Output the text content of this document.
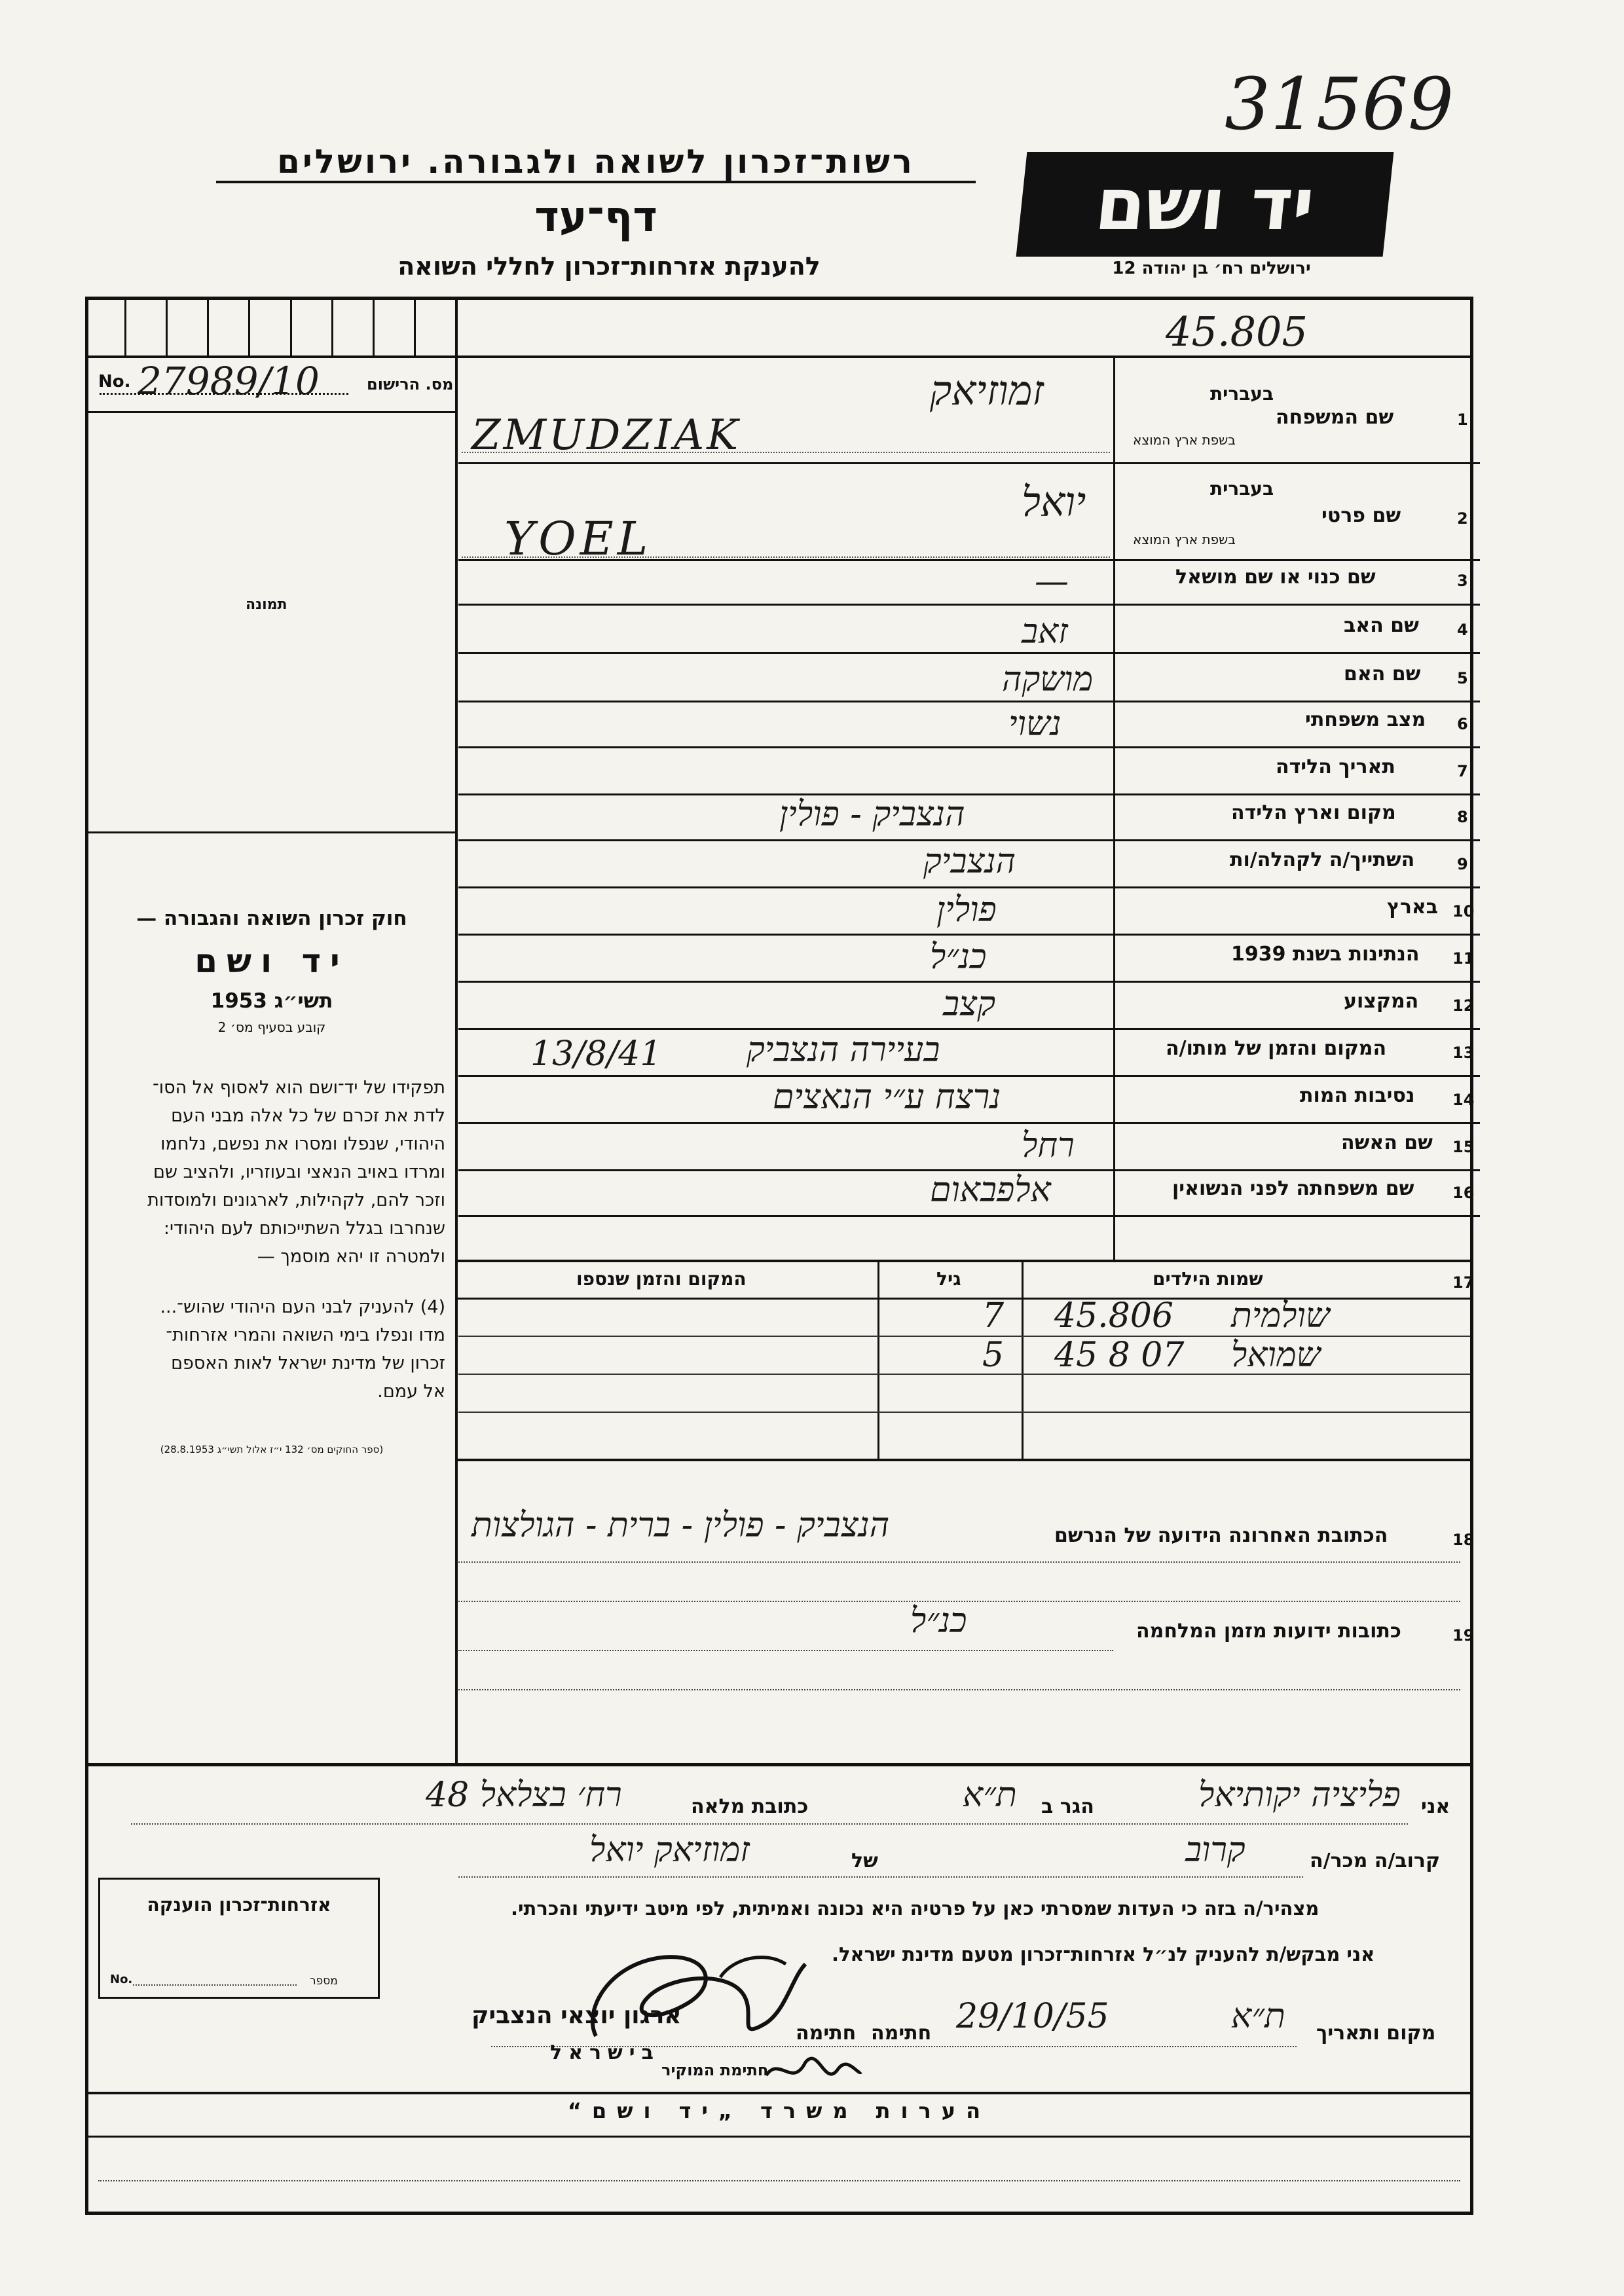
31569
רשות־זכרון לשואה ולגבורה. ירושלים
דף־עד
להענקת אזרחות־זכרון לחללי השואה
יד ושם
ירושלים רח׳ בן יהודה 12
45.805
No. 27989/10	מס. הרישום
תמונה
חוק זכרון השואה והגבורה —
יד ושם
תשי״ג 1953
קובע בסעיף מס׳ 2
תפקידו של יד־ושם הוא לאסוף אל הסו־
לדת את זכרם של כל אלה מבני העם
היהודי, שנפלו ומסרו את נפשם, נלחמו
ומרדו באויב הנאצי ובעוזריו, ולהציב שם
וזכר להם, לקהילות, לארגונים ולמוסדות
שנחרבו בגלל השתייכותם לעם היהודי:
ולמטרה זו יהא מוסמך —
(4) להעניק לבני העם היהודי שהוש־...
מדו ונפלו בימי השואה והמרי אזרחות־
זכרון של מדינת ישראל לאות האספם
אל עמם.
(ספר החוקים מס׳ 132 י״ז אלול תשי״ג 28.8.1953)
1
שם המשפחה
בעברית
בשפת ארץ המוצא
זמוזיאק
ZMUDZIAK
2
שם פרטי
בעברית
בשפת ארץ המוצא
יואל
YOEL
3
שם כנוי או שם מושאל
—
4
שם האב
זאב
5
שם האם
מושקה
6
מצב משפחתי
נשוי
7
תאריך הלידה
8
מקום וארץ הלידה
הנצביק - פולין
9
השתייך/ה לקהלה/ות
הנצביק
10
בארץ
פולין
11
הנתינות בשנת 1939
כנ״ל
12
המקצוע
קצב
13
המקום והזמן של מותו/ה
בעיירה הנצביק
13/8/41
14
נסיבות המות
נרצח ע״י הנאצים
15
שם האשה
רחל
16
שם משפחתה לפני הנשואין
אלפבאום
17
שמות הילדים
גיל
המקום והזמן שנספו
שולמית
45.806
7
שמואל
45 8 07
5
18
הכתובת האחרונה הידועה של הנרשם
הנצביק - פולין - ברית - הגולצות
19
כתובות ידועות מזמן המלחמה
כנ״ל
אני
פליציה יקותיאל
הגר ב
ת״א
כתובת מלאה
רח׳ בצלאל 48
קרוב/ה מכר/ה
קרוב
של
זמוזיאק יואל
מצהיר/ה בזה כי העדות שמסרתי כאן על פרטיה היא נכונה ואמיתית, לפי מיטב ידיעתי והכרתי.
אני מבקש/ת להעניק לנ״ל אזרחות־זכרון מטעם מדינת ישראל.
מקום ותאריך
ת״א
29/10/55
חתימה
חתימה
ארגון יוצאי הנצביק
בישראל
חתימת המוקיר
אזרחות־זכרון הוענקה
No.	מספר
הערות משרד „יד ושם“
